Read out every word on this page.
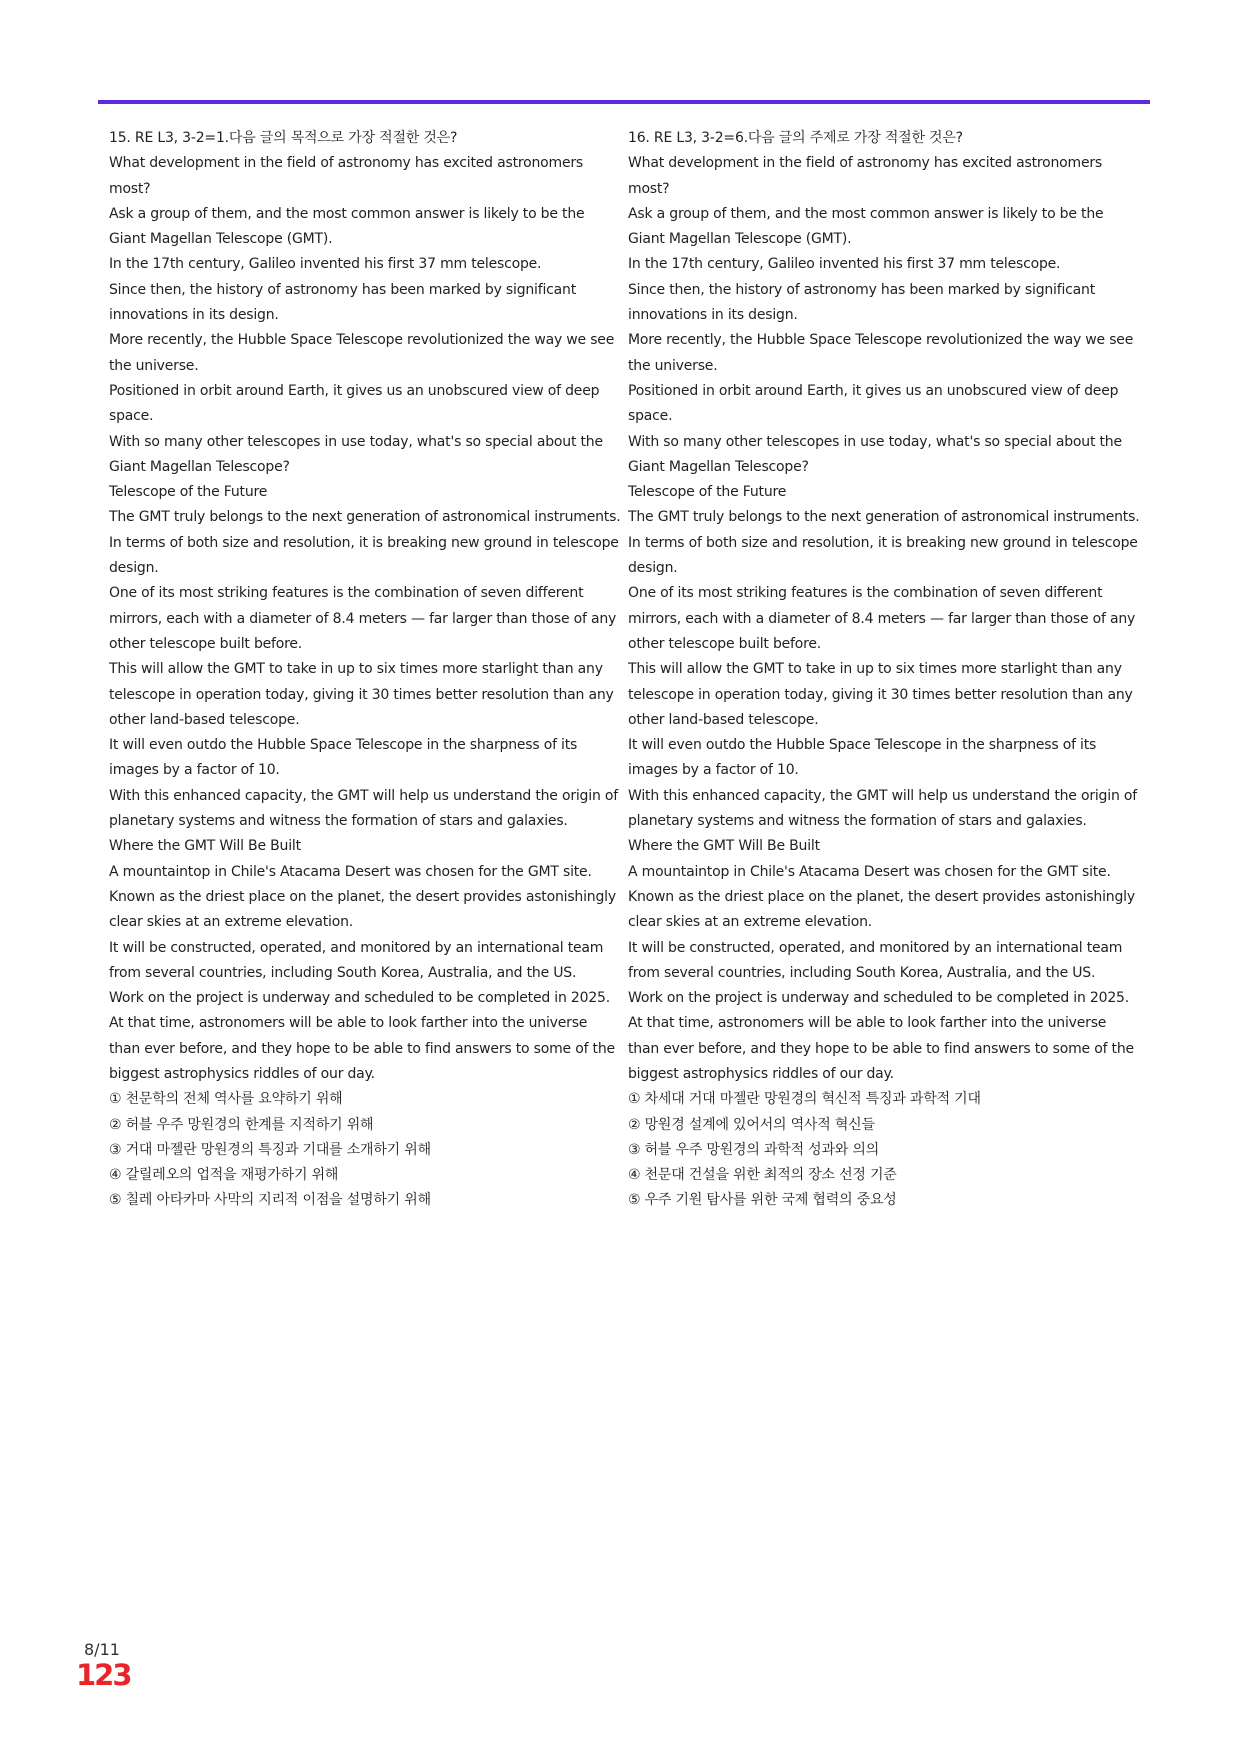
15. RE L3, 3-2=1.다음 글의 목적으로 가장 적절한 것은?

What development in the field of astronomy has excited astronomers most?

Ask a group of them, and the most common answer is likely to be the Giant Magellan Telescope (GMT).

In the 17th century, Galileo invented his first 37 mm telescope.

Since then, the history of astronomy has been marked by significant innovations in its design.

More recently, the Hubble Space Telescope revolutionized the way we see the universe.

Positioned in orbit around Earth, it gives us an unobscured view of deep space.

With so many other telescopes in use today, what's so special about the Giant Magellan Telescope?

Telescope of the Future

The GMT truly belongs to the next generation of astronomical instruments.

In terms of both size and resolution, it is breaking new ground in telescope design.

One of its most striking features is the combination of seven different mirrors, each with a diameter of 8.4 meters — far larger than those of any other telescope built before.

This will allow the GMT to take in up to six times more starlight than any telescope in operation today, giving it 30 times better resolution than any other land-based telescope.

It will even outdo the Hubble Space Telescope in the sharpness of its images by a factor of 10.

With this enhanced capacity, the GMT will help us understand the origin of planetary systems and witness the formation of stars and galaxies.

Where the GMT Will Be Built

A mountaintop in Chile's Atacama Desert was chosen for the GMT site.

Known as the driest place on the planet, the desert provides astonishingly clear skies at an extreme elevation.

It will be constructed, operated, and monitored by an international team from several countries, including South Korea, Australia, and the US.

Work on the project is underway and scheduled to be completed in 2025.

At that time, astronomers will be able to look farther into the universe than ever before, and they hope to be able to find answers to some of the biggest astrophysics riddles of our day.

① 천문학의 전체 역사를 요약하기 위해

② 허블 우주 망원경의 한계를 지적하기 위해

③ 거대 마젤란 망원경의 특징과 기대를 소개하기 위해

④ 갈릴레오의 업적을 재평가하기 위해

⑤ 칠레 아타카마 사막의 지리적 이점을 설명하기 위해

16. RE L3, 3-2=6.다음 글의 주제로 가장 적절한 것은?

What development in the field of astronomy has excited astronomers most?

Ask a group of them, and the most common answer is likely to be the Giant Magellan Telescope (GMT).

In the 17th century, Galileo invented his first 37 mm telescope.

Since then, the history of astronomy has been marked by significant innovations in its design.

More recently, the Hubble Space Telescope revolutionized the way we see the universe.

Positioned in orbit around Earth, it gives us an unobscured view of deep space.

With so many other telescopes in use today, what's so special about the Giant Magellan Telescope?

Telescope of the Future

The GMT truly belongs to the next generation of astronomical instruments.

In terms of both size and resolution, it is breaking new ground in telescope design.

One of its most striking features is the combination of seven different mirrors, each with a diameter of 8.4 meters — far larger than those of any other telescope built before.

This will allow the GMT to take in up to six times more starlight than any telescope in operation today, giving it 30 times better resolution than any other land-based telescope.

It will even outdo the Hubble Space Telescope in the sharpness of its images by a factor of 10.

With this enhanced capacity, the GMT will help us understand the origin of planetary systems and witness the formation of stars and galaxies.

Where the GMT Will Be Built

A mountaintop in Chile's Atacama Desert was chosen for the GMT site.

Known as the driest place on the planet, the desert provides astonishingly clear skies at an extreme elevation.

It will be constructed, operated, and monitored by an international team from several countries, including South Korea, Australia, and the US.

Work on the project is underway and scheduled to be completed in 2025.

At that time, astronomers will be able to look farther into the universe than ever before, and they hope to be able to find answers to some of the biggest astrophysics riddles of our day.

① 차세대 거대 마젤란 망원경의 혁신적 특징과 과학적 기대

② 망원경 설계에 있어서의 역사적 혁신들

③ 허블 우주 망원경의 과학적 성과와 의의

④ 천문대 건설을 위한 최적의 장소 선정 기준

⑤ 우주 기원 탐사를 위한 국제 협력의 중요성

8/11
123
